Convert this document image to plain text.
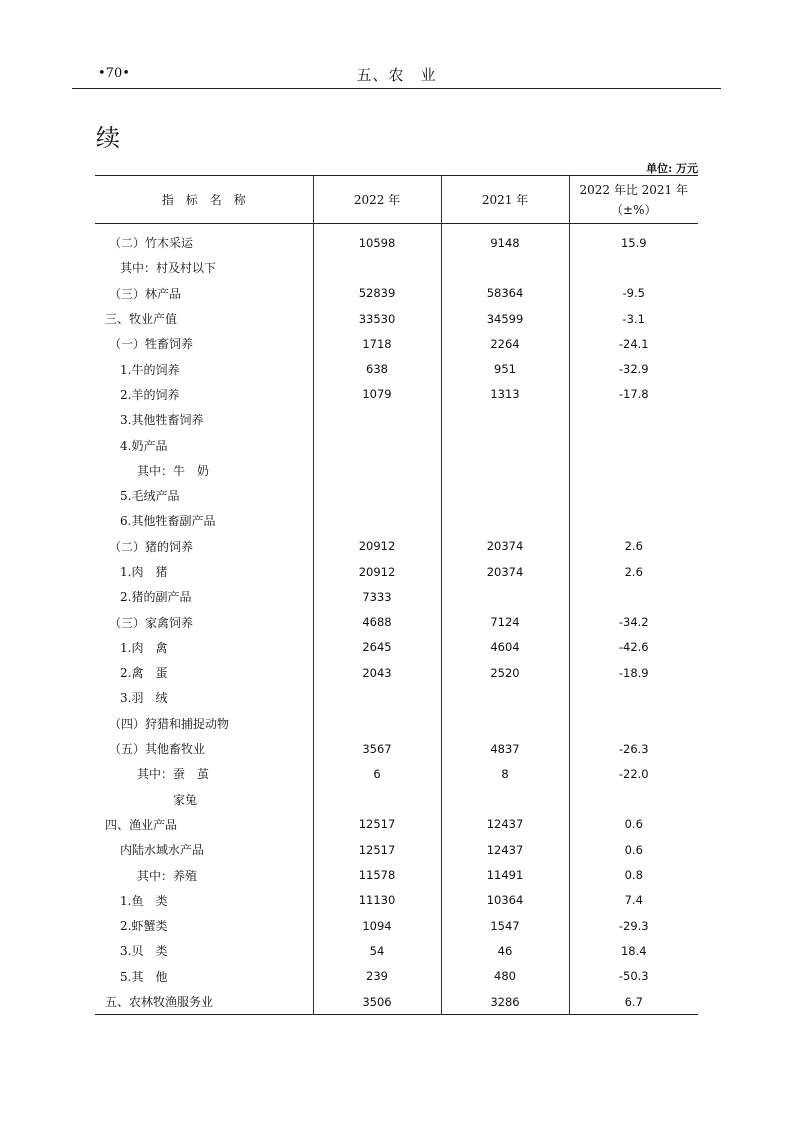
•70•	五、农　业
续
单位: 万元
指　标　名　称	2022 年	2021 年	2022 年比 2021 年
（±%）

（二）竹木采运	10598	9148	15.9
其中：村及村以下			
（三）林产品	52839	58364	-9.5
三、牧业产值	33530	34599	-3.1
（一）牲畜饲养	1718	2264	-24.1
1.牛的饲养	638	951	-32.9
2.羊的饲养	1079	1313	-17.8
3.其他牲畜饲养			
4.奶产品			
其中：牛　奶			
5.毛绒产品			
6.其他牲畜副产品			
（二）猪的饲养	20912	20374	2.6
1.肉　猪	20912	20374	2.6
2.猪的副产品	7333		
（三）家禽饲养	4688	7124	-34.2
1.肉　禽	2645	4604	-42.6
2.禽　蛋	2043	2520	-18.9
3.羽　绒			
（四）狩猎和捕捉动物			
（五）其他畜牧业	3567	4837	-26.3
其中：蚕　茧	6	8	-22.0
家兔			
四、渔业产品	12517	12437	0.6
内陆水域水产品	12517	12437	0.6
其中：养殖	11578	11491	0.8
1.鱼　类	11130	10364	7.4
2.虾蟹类	1094	1547	-29.3
3.贝　类	54	46	18.4
5.其　他	239	480	-50.3
五、农林牧渔服务业	3506	3286	6.7
